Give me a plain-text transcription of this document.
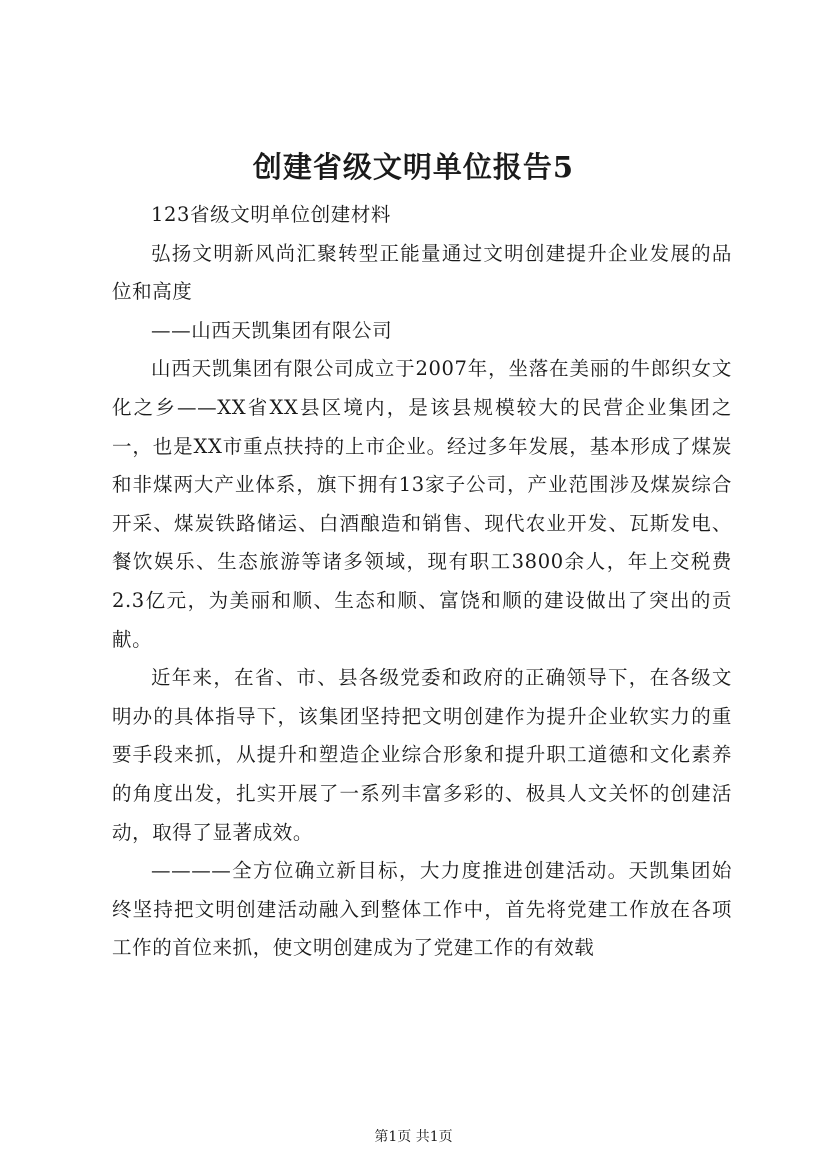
创建省级文明单位报告5

123省级文明单位创建材料

弘扬文明新风尚汇聚转型正能量通过文明创建提升企业发展的品位和高度

——山西天凯集团有限公司

山西天凯集团有限公司成立于2007年，坐落在美丽的牛郎织女文化之乡——XX省XX县区境内，是该县规模较大的民营企业集团之一，也是XX市重点扶持的上市企业。经过多年发展，基本形成了煤炭和非煤两大产业体系，旗下拥有13家子公司，产业范围涉及煤炭综合开采、煤炭铁路储运、白酒酿造和销售、现代农业开发、瓦斯发电、餐饮娱乐、生态旅游等诸多领域，现有职工3800余人，年上交税费2.3亿元，为美丽和顺、生态和顺、富饶和顺的建设做出了突出的贡献。

近年来，在省、市、县各级党委和政府的正确领导下，在各级文明办的具体指导下，该集团坚持把文明创建作为提升企业软实力的重要手段来抓，从提升和塑造企业综合形象和提升职工道德和文化素养的角度出发，扎实开展了一系列丰富多彩的、极具人文关怀的创建活动，取得了显著成效。

————全方位确立新目标，大力度推进创建活动。天凯集团始终坚持把文明创建活动融入到整体工作中，首先将党建工作放在各项工作的首位来抓，使文明创建成为了党建工作的有效载

第1页 共1页
